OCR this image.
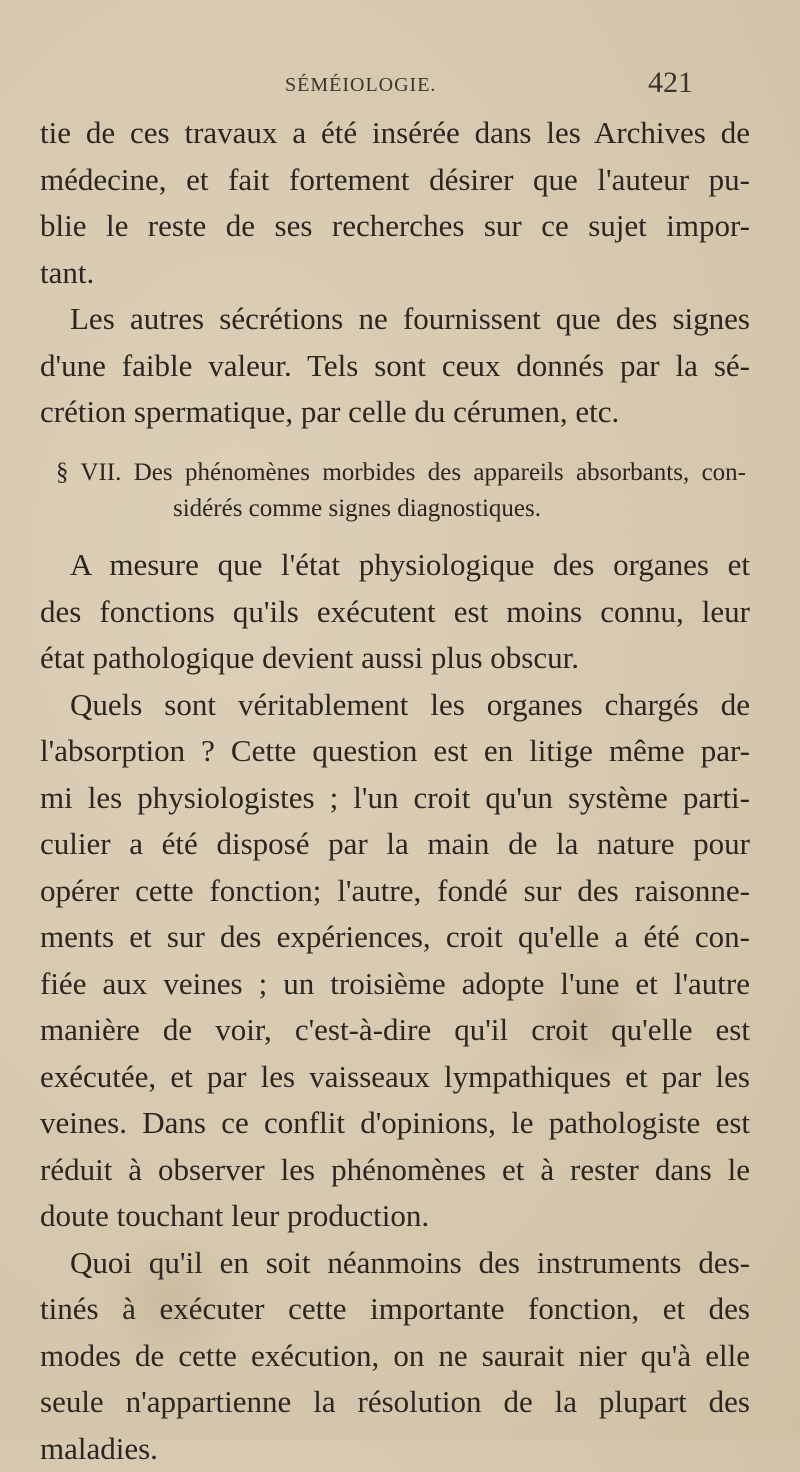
SÉMÉIOLOGIE.	421
tie de ces travaux a été insérée dans les Archives de
médecine, et fait fortement désirer que l'auteur pu-
blie le reste de ses recherches sur ce sujet impor-
tant.
Les autres sécrétions ne fournissent que des signes
d'une faible valeur. Tels sont ceux donnés par la sé-
crétion spermatique, par celle du cérumen, etc.
§ VII. Des phénomènes morbides des appareils absorbants, con-
sidérés comme signes diagnostiques.
A mesure que l'état physiologique des organes et
des fonctions qu'ils exécutent est moins connu, leur
état pathologique devient aussi plus obscur.
Quels sont véritablement les organes chargés de
l'absorption ? Cette question est en litige même par-
mi les physiologistes ; l'un croit qu'un système parti-
culier a été disposé par la main de la nature pour
opérer cette fonction; l'autre, fondé sur des raisonne-
ments et sur des expériences, croit qu'elle a été con-
fiée aux veines ; un troisième adopte l'une et l'autre
manière de voir, c'est-à-dire qu'il croit qu'elle est
exécutée, et par les vaisseaux lympathiques et par les
veines. Dans ce conflit d'opinions, le pathologiste est
réduit à observer les phénomènes et à rester dans le
doute touchant leur production.
Quoi qu'il en soit néanmoins des instruments des-
tinés à exécuter cette importante fonction, et des
modes de cette exécution, on ne saurait nier qu'à elle
seule n'appartienne la résolution de la plupart des
maladies.
